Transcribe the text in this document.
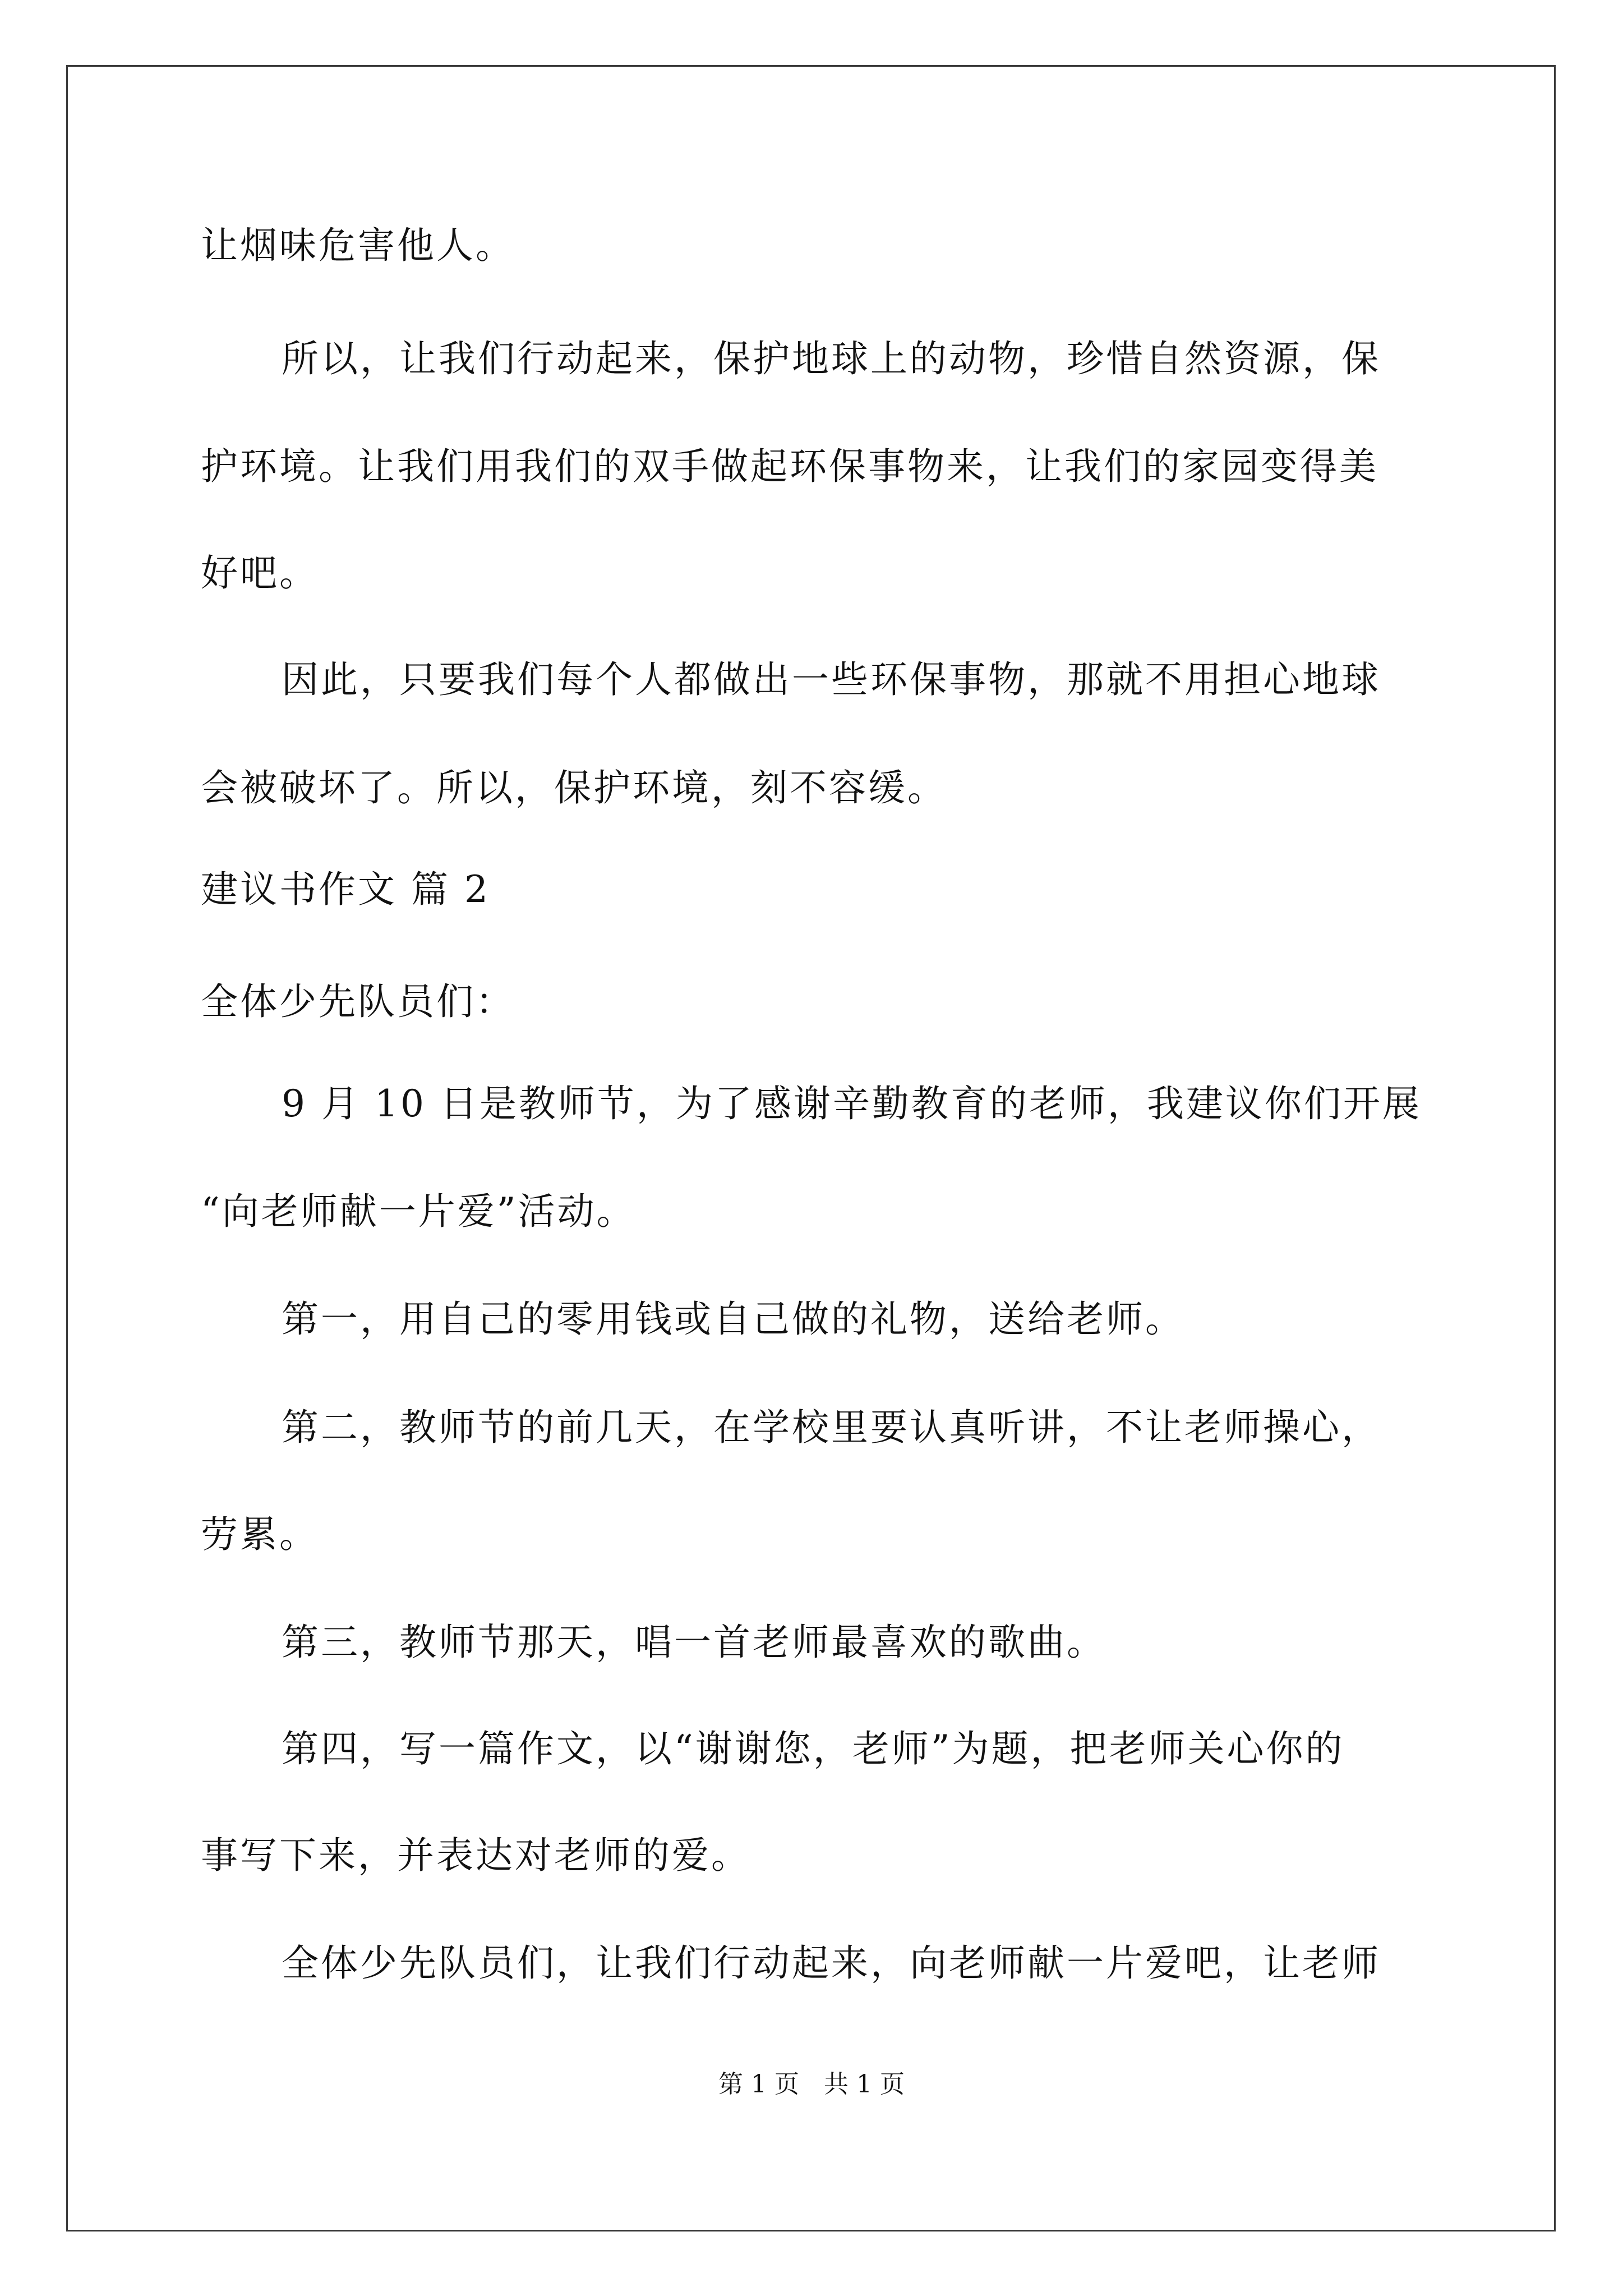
让烟味危害他人。
所以，让我们行动起来，保护地球上的动物，珍惜自然资源，保
护环境。让我们用我们的双手做起环保事物来，让我们的家园变得美
好吧。
因此，只要我们每个人都做出一些环保事物，那就不用担心地球
会被破坏了。所以，保护环境，刻不容缓。
建议书作文 篇 2
全体少先队员们：
9 月 10 日是教师节，为了感谢辛勤教育的老师，我建议你们开展
“向老师献一片爱”活动。
第一，用自己的零用钱或自己做的礼物，送给老师。
第二，教师节的前几天，在学校里要认真听讲，不让老师操心，
劳累。
第三，教师节那天，唱一首老师最喜欢的歌曲。
第四，写一篇作文，以“谢谢您，老师”为题，把老师关心你的
事写下来，并表达对老师的爱。
全体少先队员们，让我们行动起来，向老师献一片爱吧，让老师
第 1 页　共 1 页
